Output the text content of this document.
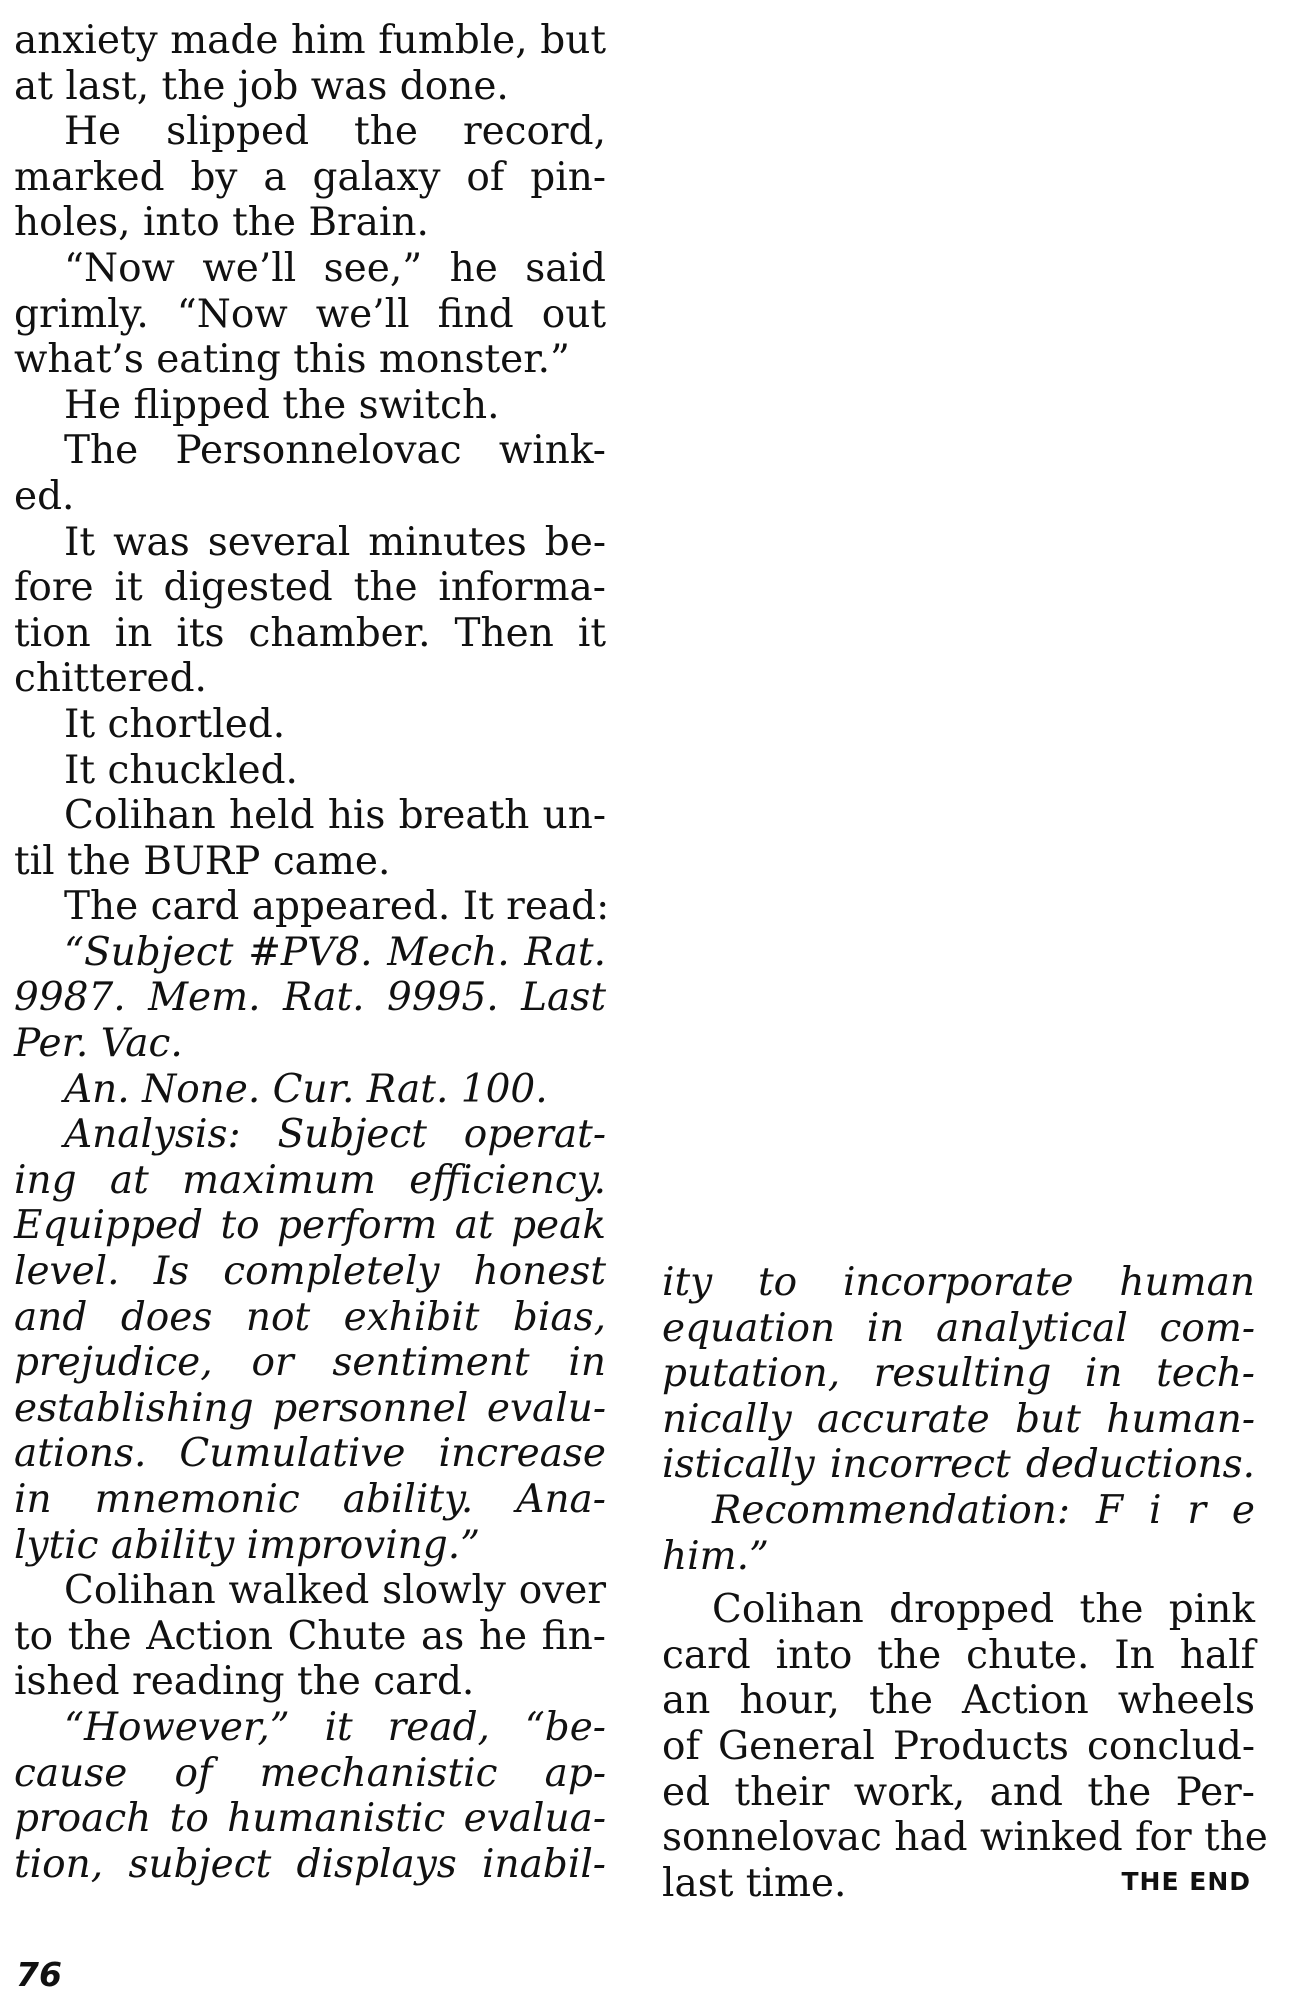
anxiety made him fumble, but
at last, the job was done.
He slipped the record,
marked by a galaxy of pin-
holes, into the Brain.
“Now we’ll see,” he said
grimly. “Now we’ll find out
what’s eating this monster.”
He flipped the switch.
The Personnelovac wink-
ed.
It was several minutes be-
fore it digested the informa-
tion in its chamber. Then it
chittered.
It chortled.
It chuckled.
Colihan held his breath un-
til the BURP came.
The card appeared. It read:
“Subject #PV8. Mech. Rat.
9987. Mem. Rat. 9995. Last
Per. Vac.
An. None. Cur. Rat. 100.
Analysis: Subject operat-
ing at maximum efficiency.
Equipped to perform at peak
level. Is completely honest
and does not exhibit bias,
prejudice, or sentiment in
establishing personnel evalu-
ations. Cumulative increase
in mnemonic ability. Ana-
lytic ability improving.”
Colihan walked slowly over
to the Action Chute as he fin-
ished reading the card.
“However,” it read, “be-
cause of mechanistic ap-
proach to humanistic evalua-
tion, subject displays inabil-
ity to incorporate human
equation in analytical com-
putation, resulting in tech-
nically accurate but human-
istically incorrect deductions.
Recommendation: F i r e
him.”
Colihan dropped the pink
card into the chute. In half
an hour, the Action wheels
of General Products conclud-
ed their work, and the Per-
sonnelovac had winked for the
last time.	THE END
76
